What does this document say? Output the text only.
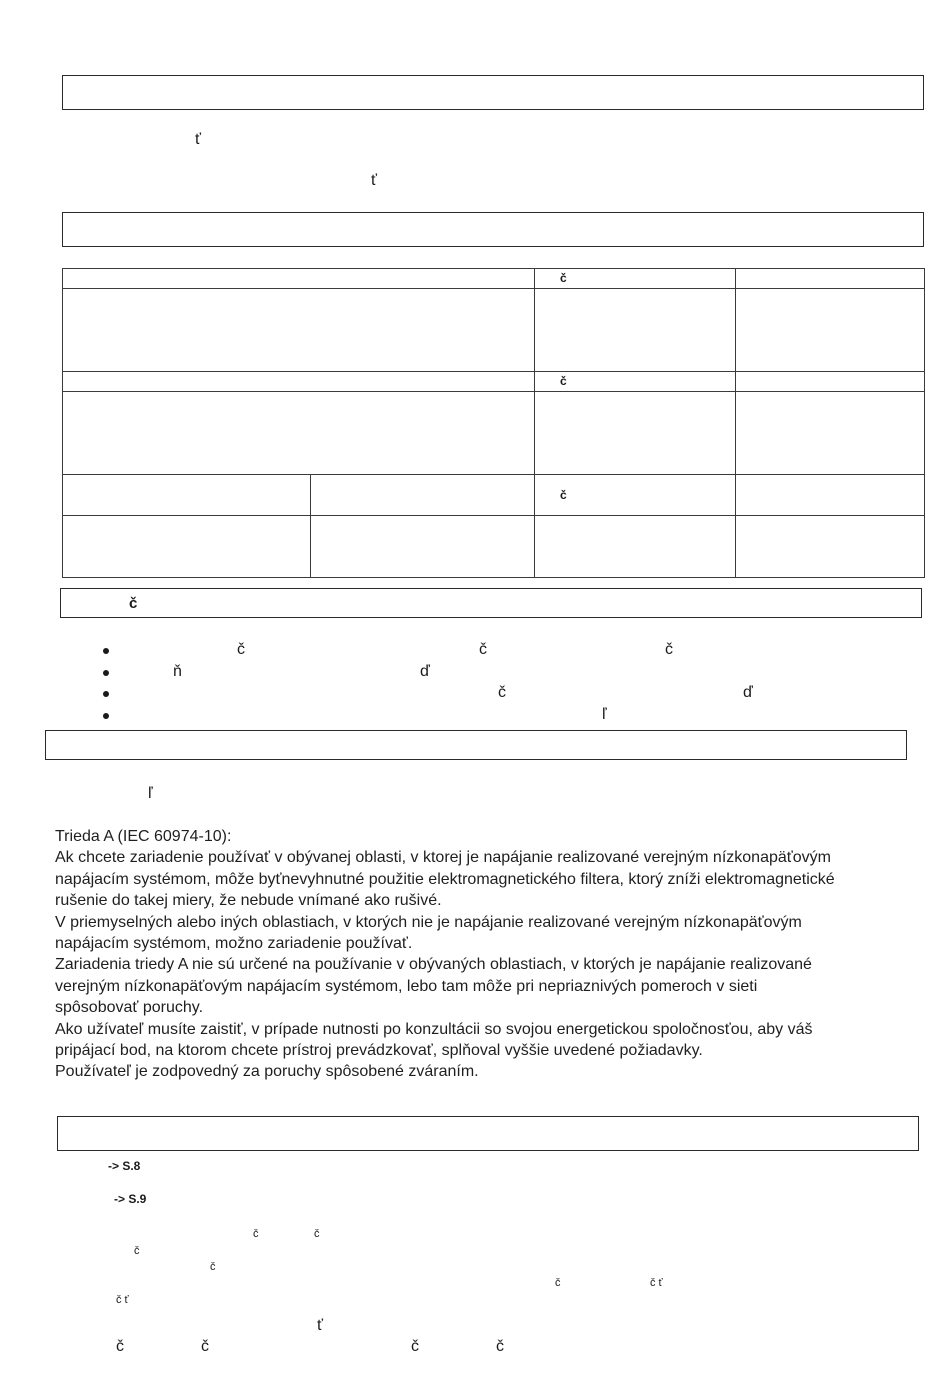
ť
ť
č
č
č
č
č	č	č
ň	ď
č	ď
ľ
ľ
Trieda A (IEC 60974-10):
Ak chcete zariadenie používať v obývanej oblasti, v ktorej je napájanie realizované verejným nízkonapäťovým
napájacím systémom, môže byťnevyhnutné použitie elektromagnetického filtera, ktorý zníži elektromagnetické
rušenie do takej miery, že nebude vnímané ako rušivé.
V priemyselných alebo iných oblastiach, v ktorých nie je napájanie realizované verejným nízkonapäťovým
napájacím systémom, možno zariadenie používať.
Zariadenia triedy A nie sú určené na používanie v obývaných oblastiach, v ktorých je napájanie realizované
verejným nízkonapäťovým napájacím systémom, lebo tam môže pri nepriaznivých pomeroch v sieti
spôsobovať poruchy.
Ako užívateľ musíte zaistiť, v prípade nutnosti po konzultácii so svojou energetickou spoločnosťou, aby váš
pripájací bod, na ktorom chcete prístroj prevádzkovať, splňoval vyššie uvedené požiadavky.
Používateľ je zodpovedný za poruchy spôsobené zváraním.
-> S.8
-> S.9
č	č
č
č
č	č ť
č ť
ť
č	č	č	č
